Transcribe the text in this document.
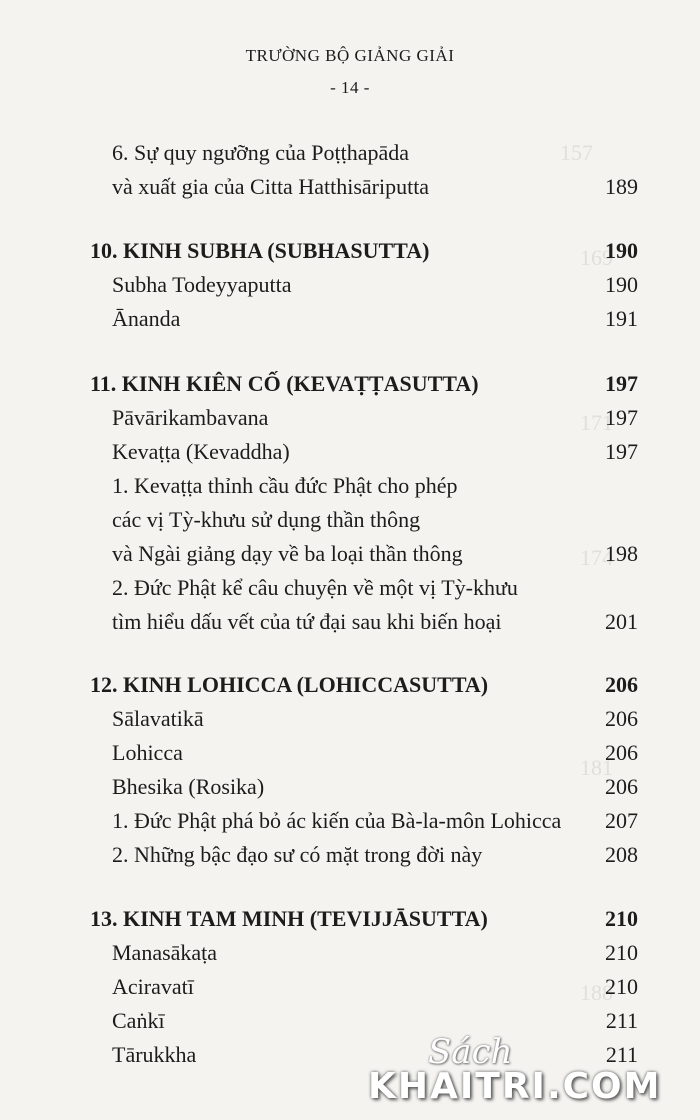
157
169
171
174
181
188
TRƯỜNG BỘ GIẢNG GIẢI
- 14 -
6. Sự quy ngưỡng của Poṭṭhapāda
và xuất gia của Citta Hatthisāriputta	189
10. KINH SUBHA (SUBHASUTTA)	190
Subha Todeyyaputta	190
Ānanda	191
11. KINH KIÊN CỐ (KEVAṬṬASUTTA)	197
Pāvārikambavana	197
Kevaṭṭa (Kevaddha)	197
1. Kevaṭṭa thỉnh cầu đức Phật cho phép
các vị Tỳ-khưu sử dụng thần thông
và Ngài giảng dạy về ba loại thần thông	198
2. Đức Phật kể câu chuyện về một vị Tỳ-khưu
tìm hiểu dấu vết của tứ đại sau khi biến hoại	201
12. KINH LOHICCA (LOHICCASUTTA)	206
Sālavatikā	206
Lohicca	206
Bhesika (Rosika)	206
1. Đức Phật phá bỏ ác kiến của Bà-la-môn Lohicca 207
2. Những bậc đạo sư có mặt trong đời này	208
13. KINH TAM MINH (TEVIJJĀSUTTA)	210
Manasākaṭa	210
Aciravatī	210
Caṅkī	211
Tārukkha	211
Sách
KHAITRI.COM
